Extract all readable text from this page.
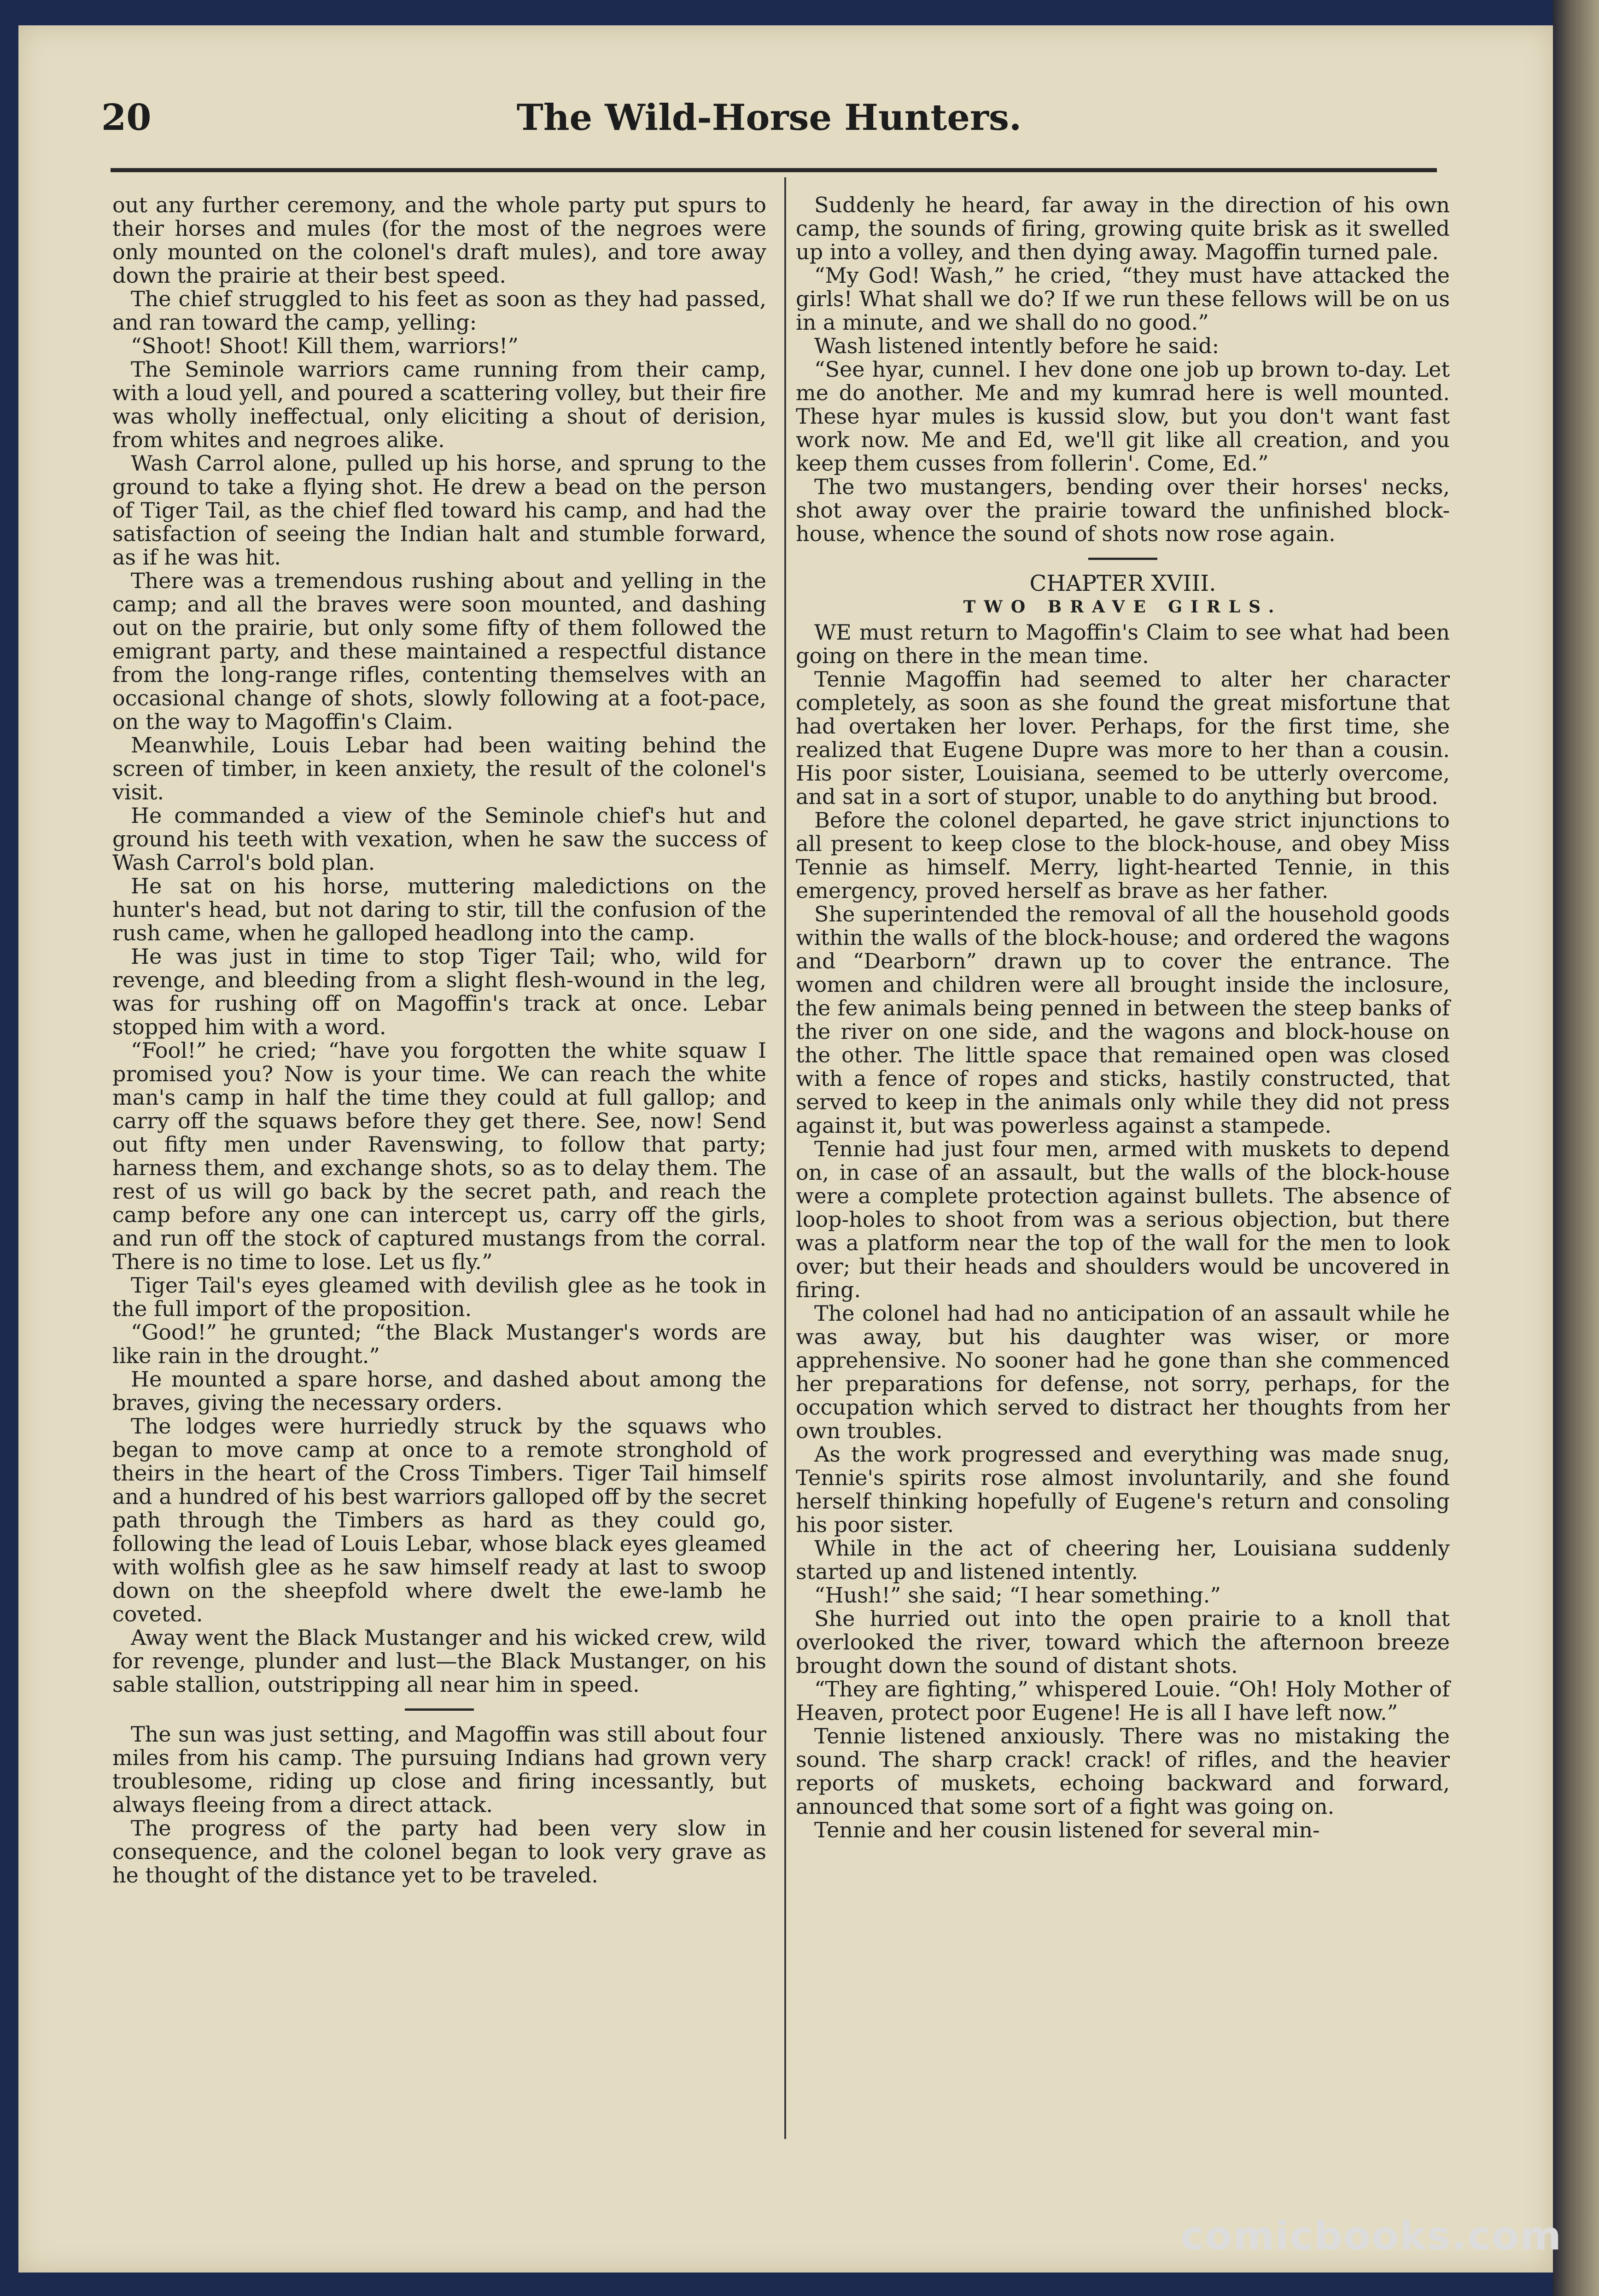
20	The Wild-Horse Hunters.

out any further ceremony, and the whole party put spurs to their horses and mules (for the most of the negroes were only mounted on the colonel's draft mules), and tore away down the prairie at their best speed.

The chief struggled to his feet as soon as they had passed, and ran toward the camp, yelling:

“Shoot! Shoot! Kill them, warriors!”

The Seminole warriors came running from their camp, with a loud yell, and poured a scattering volley, but their fire was wholly ineffectual, only eliciting a shout of derision, from whites and negroes alike.

Wash Carrol alone, pulled up his horse, and sprung to the ground to take a flying shot. He drew a bead on the person of Tiger Tail, as the chief fled toward his camp, and had the satisfaction of seeing the Indian halt and stumble forward, as if he was hit.

There was a tremendous rushing about and yelling in the camp; and all the braves were soon mounted, and dashing out on the prairie, but only some fifty of them followed the emigrant party, and these maintained a respectful distance from the long-range rifles, contenting themselves with an occasional change of shots, slowly following at a foot-pace, on the way to Magoffin's Claim.

Meanwhile, Louis Lebar had been waiting behind the screen of timber, in keen anxiety, the result of the colonel's visit.

He commanded a view of the Seminole chief's hut and ground his teeth with vexation, when he saw the success of Wash Carrol's bold plan.

He sat on his horse, muttering maledictions on the hunter's head, but not daring to stir, till the confusion of the rush came, when he galloped headlong into the camp.

He was just in time to stop Tiger Tail; who, wild for revenge, and bleeding from a slight flesh-wound in the leg, was for rushing off on Magoffin's track at once. Lebar stopped him with a word.

“Fool!” he cried; “have you forgotten the white squaw I promised you? Now is your time. We can reach the white man's camp in half the time they could at full gallop; and carry off the squaws before they get there. See, now! Send out fifty men under Ravenswing, to follow that party; harness them, and exchange shots, so as to delay them. The rest of us will go back by the secret path, and reach the camp before any one can intercept us, carry off the girls, and run off the stock of captured mustangs from the corral. There is no time to lose. Let us fly.”

Tiger Tail's eyes gleamed with devilish glee as he took in the full import of the proposition.

“Good!” he grunted; “the Black Mustanger's words are like rain in the drought.”

He mounted a spare horse, and dashed about among the braves, giving the necessary orders.

The lodges were hurriedly struck by the squaws who began to move camp at once to a remote stronghold of theirs in the heart of the Cross Timbers. Tiger Tail himself and a hundred of his best warriors galloped off by the secret path through the Timbers as hard as they could go, following the lead of Louis Lebar, whose black eyes gleamed with wolfish glee as he saw himself ready at last to swoop down on the sheepfold where dwelt the ewe-lamb he coveted.

Away went the Black Mustanger and his wicked crew, wild for revenge, plunder and lust—the Black Mustanger, on his sable stallion, outstripping all near him in speed.

The sun was just setting, and Magoffin was still about four miles from his camp. The pursuing Indians had grown very troublesome, riding up close and firing incessantly, but always fleeing from a direct attack.

The progress of the party had been very slow in consequence, and the colonel began to look very grave as he thought of the distance yet to be traveled.

Suddenly he heard, far away in the direction of his own camp, the sounds of firing, growing quite brisk as it swelled up into a volley, and then dying away. Magoffin turned pale.

“My God! Wash,” he cried, “they must have attacked the girls! What shall we do? If we run these fellows will be on us in a minute, and we shall do no good.”

Wash listened intently before he said:

“See hyar, cunnel. I hev done one job up brown to-day. Let me do another. Me and my kumrad here is well mounted. These hyar mules is kussid slow, but you don't want fast work now. Me and Ed, we'll git like all creation, and you keep them cusses from follerin'. Come, Ed.”

The two mustangers, bending over their horses' necks, shot away over the prairie toward the unfinished block-house, whence the sound of shots now rose again.

CHAPTER XVIII.
TWO BRAVE GIRLS.

WE must return to Magoffin's Claim to see what had been going on there in the mean time.

Tennie Magoffin had seemed to alter her character completely, as soon as she found the great misfortune that had overtaken her lover. Perhaps, for the first time, she realized that Eugene Dupre was more to her than a cousin. His poor sister, Louisiana, seemed to be utterly overcome, and sat in a sort of stupor, unable to do anything but brood.

Before the colonel departed, he gave strict injunctions to all present to keep close to the block-house, and obey Miss Tennie as himself. Merry, light-hearted Tennie, in this emergency, proved herself as brave as her father.

She superintended the removal of all the household goods within the walls of the block-house; and ordered the wagons and “Dearborn” drawn up to cover the entrance. The women and children were all brought inside the inclosure, the few animals being penned in between the steep banks of the river on one side, and the wagons and block-house on the other. The little space that remained open was closed with a fence of ropes and sticks, hastily constructed, that served to keep in the animals only while they did not press against it, but was powerless against a stampede.

Tennie had just four men, armed with muskets to depend on, in case of an assault, but the walls of the block-house were a complete protection against bullets. The absence of loop-holes to shoot from was a serious objection, but there was a platform near the top of the wall for the men to look over; but their heads and shoulders would be uncovered in firing.

The colonel had had no anticipation of an assault while he was away, but his daughter was wiser, or more apprehensive. No sooner had he gone than she commenced her preparations for defense, not sorry, perhaps, for the occupation which served to distract her thoughts from her own troubles.

As the work progressed and everything was made snug, Tennie's spirits rose almost involuntarily, and she found herself thinking hopefully of Eugene's return and consoling his poor sister.

While in the act of cheering her, Louisiana suddenly started up and listened intently.

“Hush!” she said; “I hear something.”

She hurried out into the open prairie to a knoll that overlooked the river, toward which the afternoon breeze brought down the sound of distant shots.

“They are fighting,” whispered Louie. “Oh! Holy Mother of Heaven, protect poor Eugene! He is all I have left now.”

Tennie listened anxiously. There was no mistaking the sound. The sharp crack! crack! of rifles, and the heavier reports of muskets, echoing backward and forward, announced that some sort of a fight was going on.

Tennie and her cousin listened for several min-

comicbooks.com
